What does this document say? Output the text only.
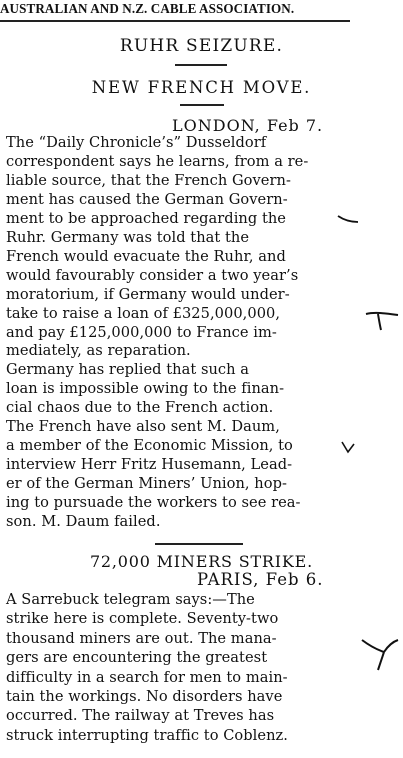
AUSTRALIAN AND N.Z. CABLE ASSOCIATION.
RUHR SEIZURE.
NEW FRENCH MOVE.
LONDON, Feb 7.
The “Daily Chronicle’s” Dusseldorf
correspondent says he learns, from a re-
liable source, that the French Govern-
ment has caused the German Govern-
ment to be approached regarding the
Ruhr. Germany was told that the
French would evacuate the Ruhr, and
would favourably consider a two year’s
moratorium, if Germany would under-
take to raise a loan of £325,000,000,
and pay £125,000,000 to France im-
mediately, as reparation.
Germany has replied that such a
loan is impossible owing to the finan-
cial chaos due to the French action.
The French have also sent M. Daum,
a member of the Economic Mission, to
interview Herr Fritz Husemann, Lead-
er of the German Miners’ Union, hop-
ing to pursuade the workers to see rea-
son. M. Daum failed.
72,000 MINERS STRIKE.
PARIS, Feb 6.
A Sarrebuck telegram says:—The
strike here is complete. Seventy-two
thousand miners are out. The mana-
gers are encountering the greatest
difficulty in a search for men to main-
tain the workings. No disorders have
occurred. The railway at Treves has
struck interrupting traffic to Coblenz.
